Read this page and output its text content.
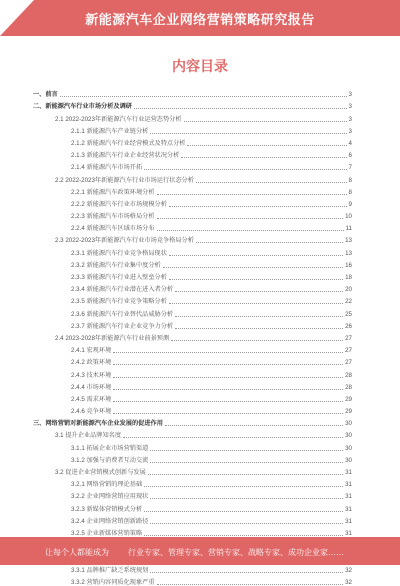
新能源汽车企业网络营销策略研究报告
内容目录
一、前言	3
二、新能源汽车行业市场分析及调研	3
2.1 2022-2023年新能源汽车行业运营态势分析	3
2.1.1 新能源汽车产业链分析	3
2.1.2 新能源汽车行业经营模式及特点分析	4
2.1.3 新能源汽车行业企业经营状况分析	6
2.1.4 新能源汽车市场开拓	7
2.2 2022-2023年新能源汽车行业市场运行状态分析	8
2.2.1 新能源汽车政策环境分析	8
2.2.2 新能源汽车行业市场规模分析	9
2.2.3 新能源汽车市场格局分析	10
2.2.4 新能源汽车区域市场分布	11
2.3 2022-2023年新能源汽车行业市场竞争格局分析	13
2.3.1 新能源汽车行业竞争格局现状	13
2.3.2 新能源汽车行业集中度分析	16
2.3.3 新能源汽车行业进入壁垒分析	18
2.3.4 新能源汽车行业潜在进入者分析	20
2.3.5 新能源汽车行业竞争策略分析	22
2.3.6 新能源汽车行业替代品威胁分析	25
2.3.7 新能源汽车行业企业竞争力分析	26
2.4 2023-2028年新能源汽车行业前景预测	27
2.4.1 宏观环境	27
2.4.2 政策环境	27
2.4.3 技术环境	28
2.4.4 市场环境	28
2.4.5 需求环境	29
2.4.6 竞争环境	29
三、网络营销对新能源汽车企业发展的促进作用	30
3.1 提升企业品牌知名度	30
3.1.1 拓展企业市场营销渠道	30
3.1.2 加强与消费者互动交流	30
3.2 促进企业营销模式创新与发展	31
3.2.1 网络营销的理论基础	31
3.2.2 企业网络营销应用现状	31
3.2.3 新媒体营销模式分析	31
3.2.4 企业网络营销创新路径	31
3.2.5 企业新媒体营销策略	31
3.3.1 品牌推广缺乏系统规划	32
3.3.2 营销内容同质化现象严重	32
让每个人都能成为 行业专家、管理专家、营销专家、战略专家、成功企业家……
